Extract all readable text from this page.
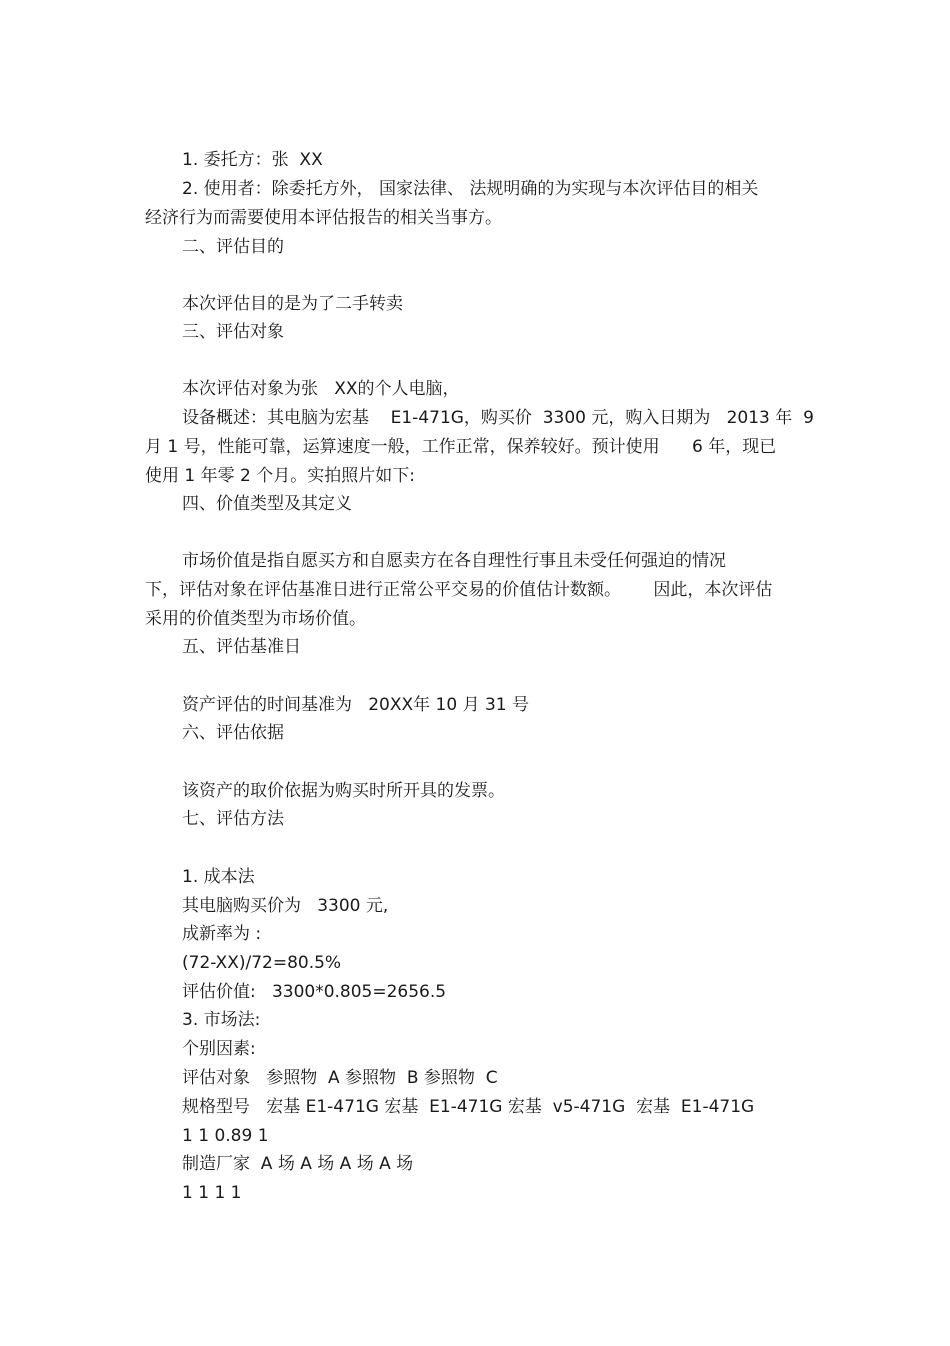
1. 委托方：张  XX
2. 使用者：除委托方外， 国家法律、 法规明确的为实现与本次评估目的相关
经济行为而需要使用本评估报告的相关当事方。
二、评估目的
本次评估目的是为了二手转卖
三、评估对象
本次评估对象为张   XX的个人电脑，
设备概述：其电脑为宏基    E1-471G，购买价  3300 元，购入日期为   2013 年  9
月 1 号，性能可靠，运算速度一般，工作正常，保养较好。预计使用      6 年，现已
使用 1 年零 2 个月。实拍照片如下:
四、价值类型及其定义
市场价值是指自愿买方和自愿卖方在各自理性行事且未受任何强迫的情况
下，评估对象在评估基准日进行正常公平交易的价值估计数额。      因此，本次评估
采用的价值类型为市场价值。
五、评估基准日
资产评估的时间基准为   20XX年 10 月 31 号
六、评估依据
该资产的取价依据为购买时所开具的发票。
七、评估方法
1. 成本法
其电脑购买价为   3300 元,
成新率为 :
(72-XX)/72=80.5%
评估价值:   3300*0.805=2656.5
3. 市场法:
个别因素:
评估对象   参照物  A 参照物  B 参照物  C
规格型号   宏基 E1-471G 宏基  E1-471G 宏基  v5-471G  宏基  E1-471G
1 1 0.89 1
制造厂家  A 场 A 场 A 场 A 场
1 1 1 1
